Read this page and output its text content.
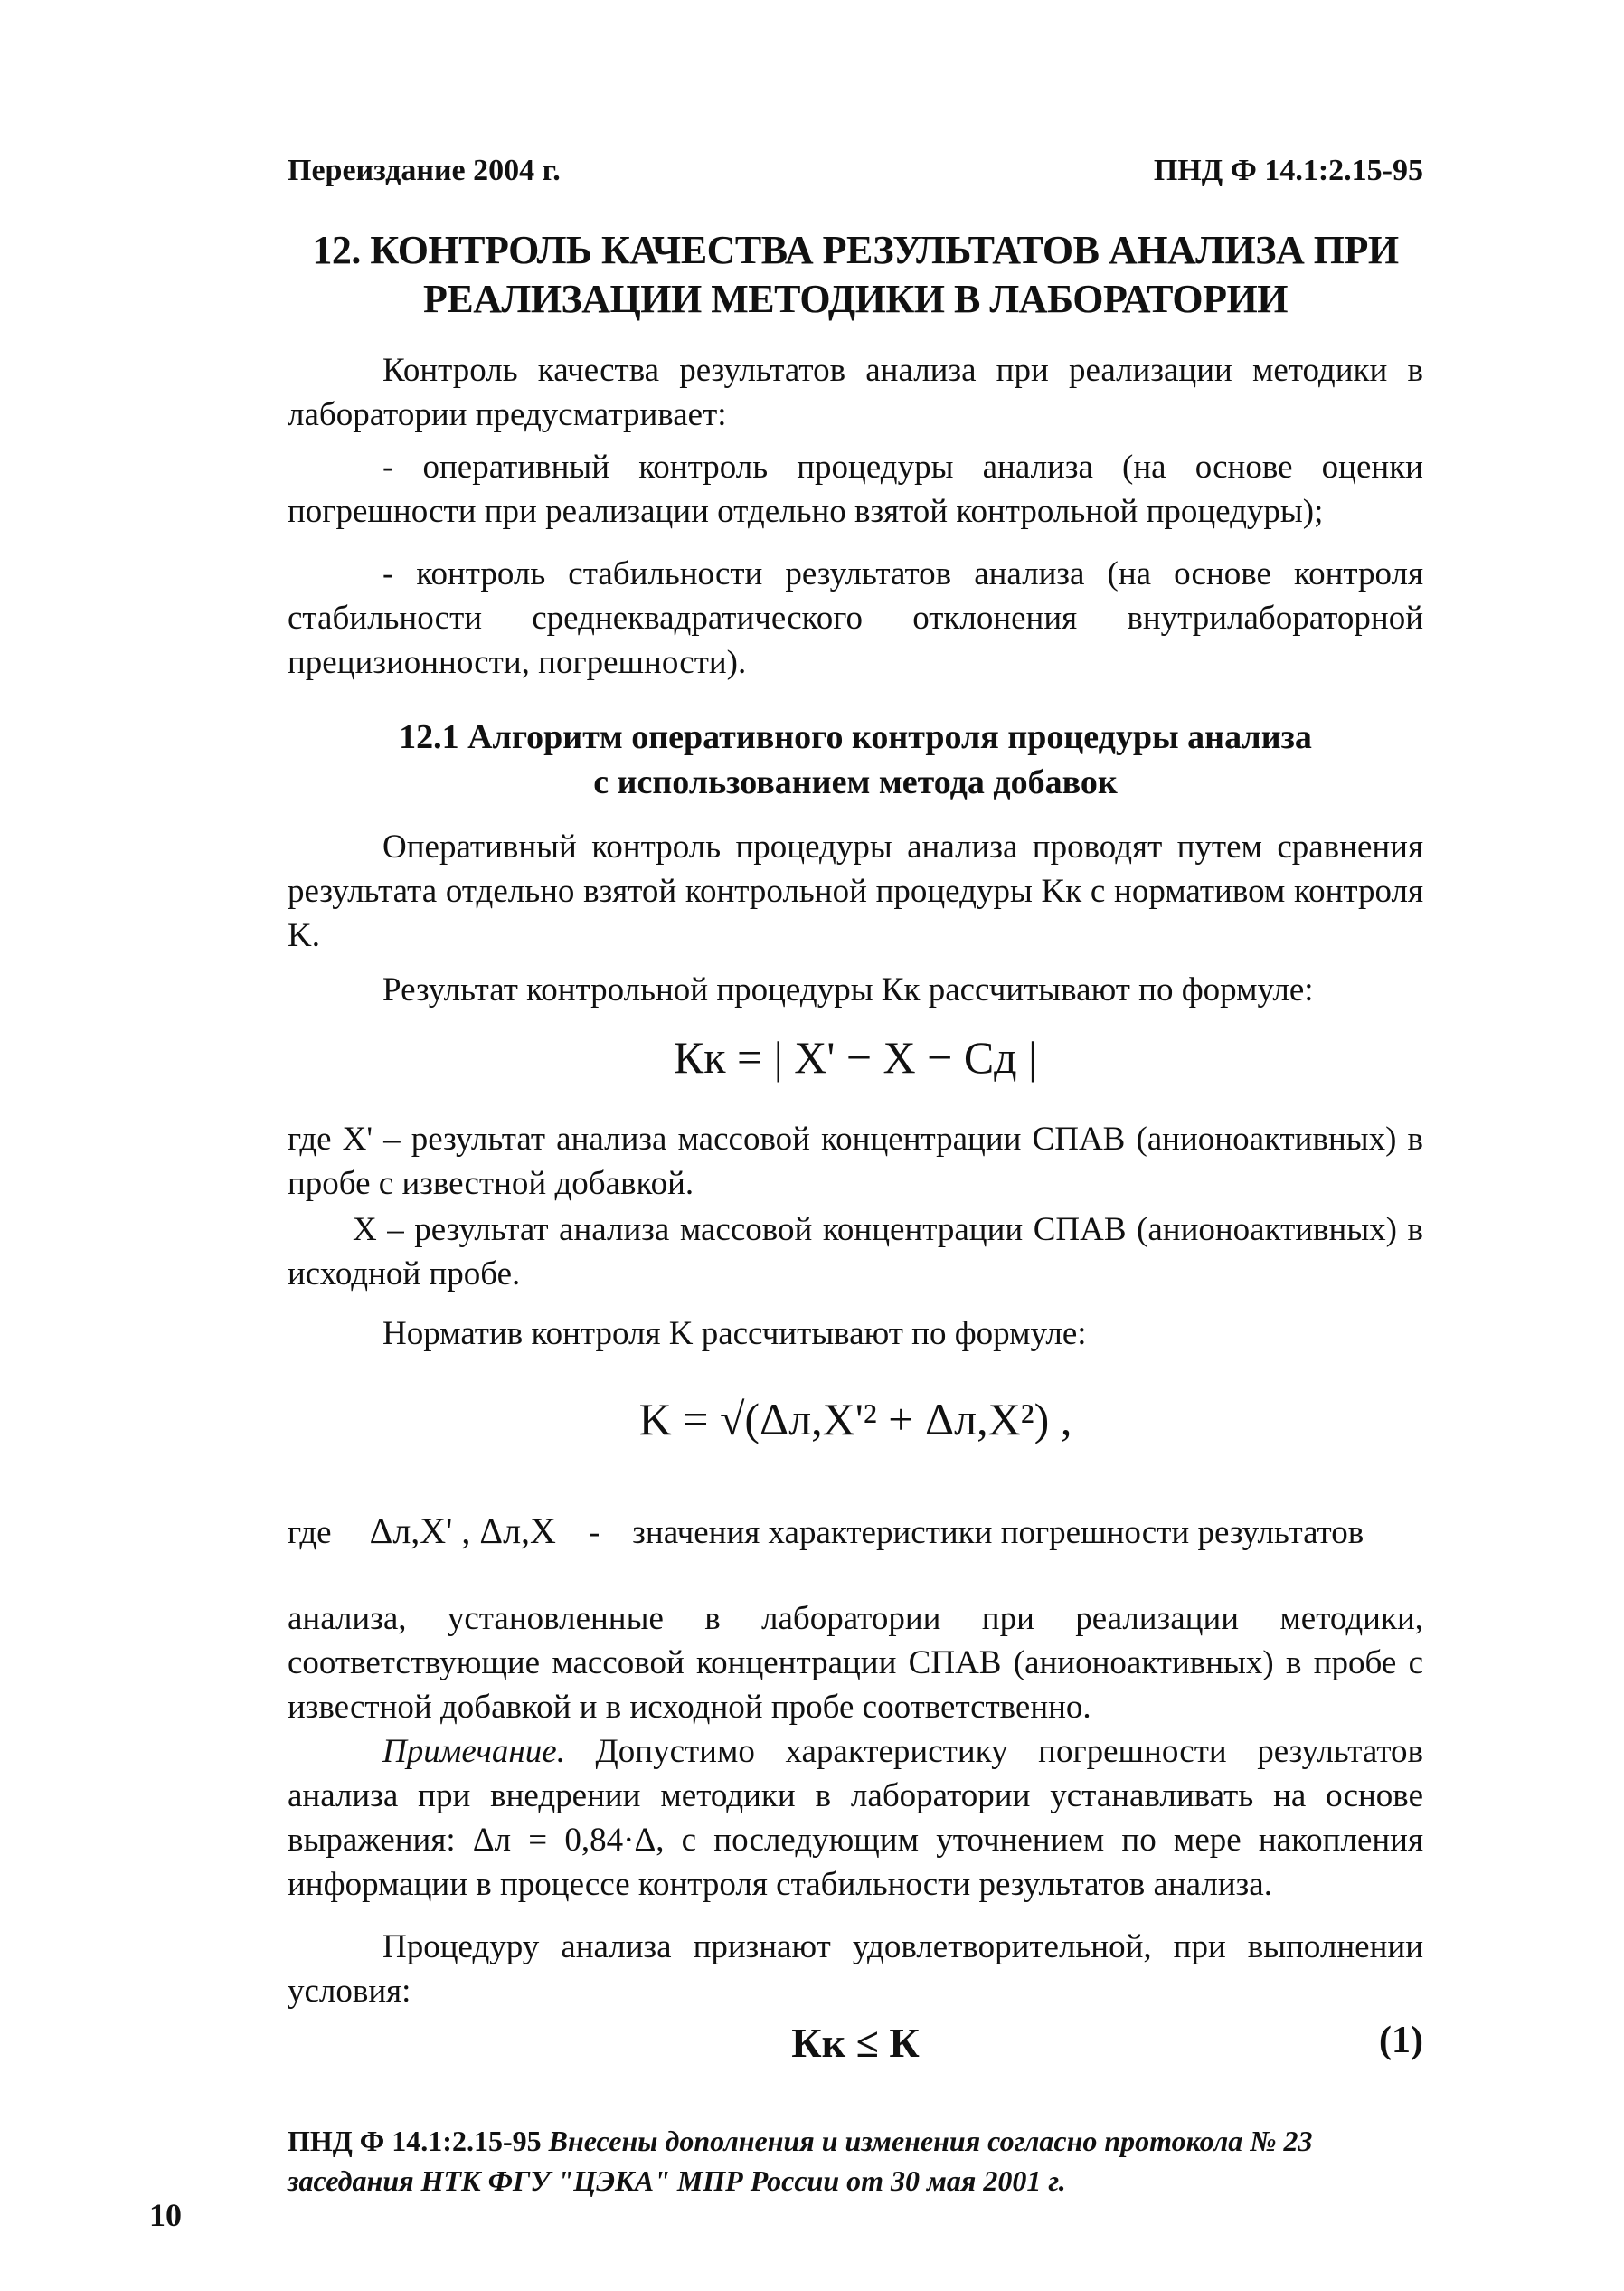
Переиздание 2004 г.	ПНД Ф 14.1:2.15-95
12. КОНТРОЛЬ КАЧЕСТВА РЕЗУЛЬТАТОВ АНАЛИЗА ПРИ
РЕАЛИЗАЦИИ МЕТОДИКИ В ЛАБОРАТОРИИ
Контроль качества результатов анализа при реализации методики в лаборатории предусматривает:
- оперативный контроль процедуры анализа (на основе оценки погрешности при реализации отдельно взятой контрольной процедуры);
- контроль стабильности результатов анализа (на основе контроля стабильности среднеквадратического отклонения внутрилабораторной прецизионности, погрешности).
12.1 Алгоритм оперативного контроля процедуры анализа
с использованием метода добавок
Оперативный контроль процедуры анализа проводят путем сравнения результата отдельно взятой контрольной процедуры Kк с нормативом контроля K.
Результат контрольной процедуры Кк рассчитывают по формуле:
Кк = | X' − X − Cд |
где X' – результат анализа массовой концентрации СПАВ (анионоактивных) в пробе с известной добавкой.
X – результат анализа массовой концентрации СПАВ (анионоактивных) в исходной пробе.
Норматив контроля K рассчитывают по формуле:
K = √(Δл,X'² + Δл,X²) ,
где Δл,X' , Δл,X - значения характеристики погрешности результатов
анализа, установленные в лаборатории при реализации методики, соответствующие массовой концентрации СПАВ (анионоактивных) в пробе с известной добавкой и в исходной пробе соответственно.
Примечание. Допустимо характеристику погрешности результатов анализа при внедрении методики в лаборатории устанавливать на основе выражения: Δл = 0,84·Δ, с последующим уточнением по мере накопления информации в процессе контроля стабильности результатов анализа.
Процедуру анализа признают удовлетворительной, при выполнении условия:
Кк ≤ К	(1)
ПНД Ф 14.1:2.15-95 Внесены дополнения и изменения согласно протокола № 23
заседания НТК ФГУ "ЦЭКА" МПР России от 30 мая 2001 г.
10
